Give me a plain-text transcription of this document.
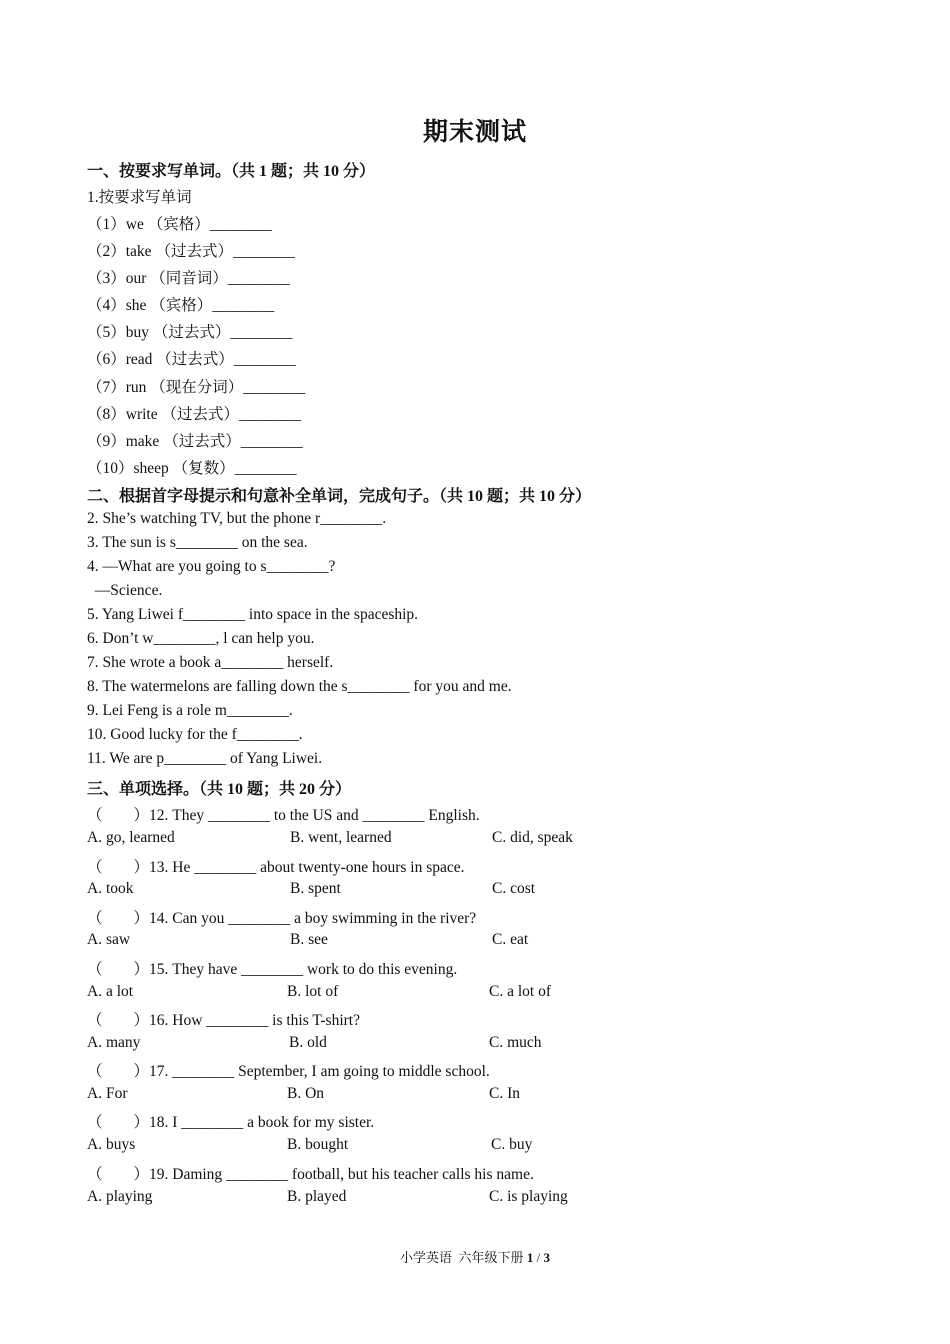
期末测试
一、按要求写单词。（共 1 题；共 10 分）
1.按要求写单词
（1）we （宾格）________
（2）take （过去式）________
（3）our （同音词）________
（4）she （宾格）________
（5）buy （过去式）________
（6）read （过去式）________
（7）run （现在分词）________
（8）write （过去式）________
（9）make （过去式）________
（10）sheep （复数）________
二、根据首字母提示和句意补全单词，完成句子。（共 10 题；共 10 分）
2. She’s watching TV, but the phone r________.
3. The sun is s________ on the sea.
4. —What are you going to s________?
—Science.
5. Yang Liwei f________ into space in the spaceship.
6. Don’t w________, l can help you.
7. She wrote a book a________ herself.
8. The watermelons are falling down the s________ for you and me.
9. Lei Feng is a role m________.
10. Good lucky for the f________.
11. We are p________ of Yang Liwei.
三、单项选择。（共 10 题；共 20 分）
（　　）12. They ________ to the US and ________ English.
A. go, learned	B. went, learned	C. did, speak
（　　）13. He ________ about twenty-one hours in space.
A. took	B. spent	C. cost
（　　）14. Can you ________ a boy swimming in the river?
A. saw	B. see	C. eat
（　　）15. They have ________ work to do this evening.
A. a lot	B. lot of	C. a lot of
（　　）16. How ________ is this T-shirt?
A. many	B. old	C. much
（　　）17. ________ September, I am going to middle school.
A. For	B. On	C. In
（　　）18. I ________ a book for my sister.
A. buys	B. bought	C. buy
（　　）19. Daming ________ football, but his teacher calls his name.
A. playing	B. played	C. is playing
小学英语  六年级下册 1 / 3
